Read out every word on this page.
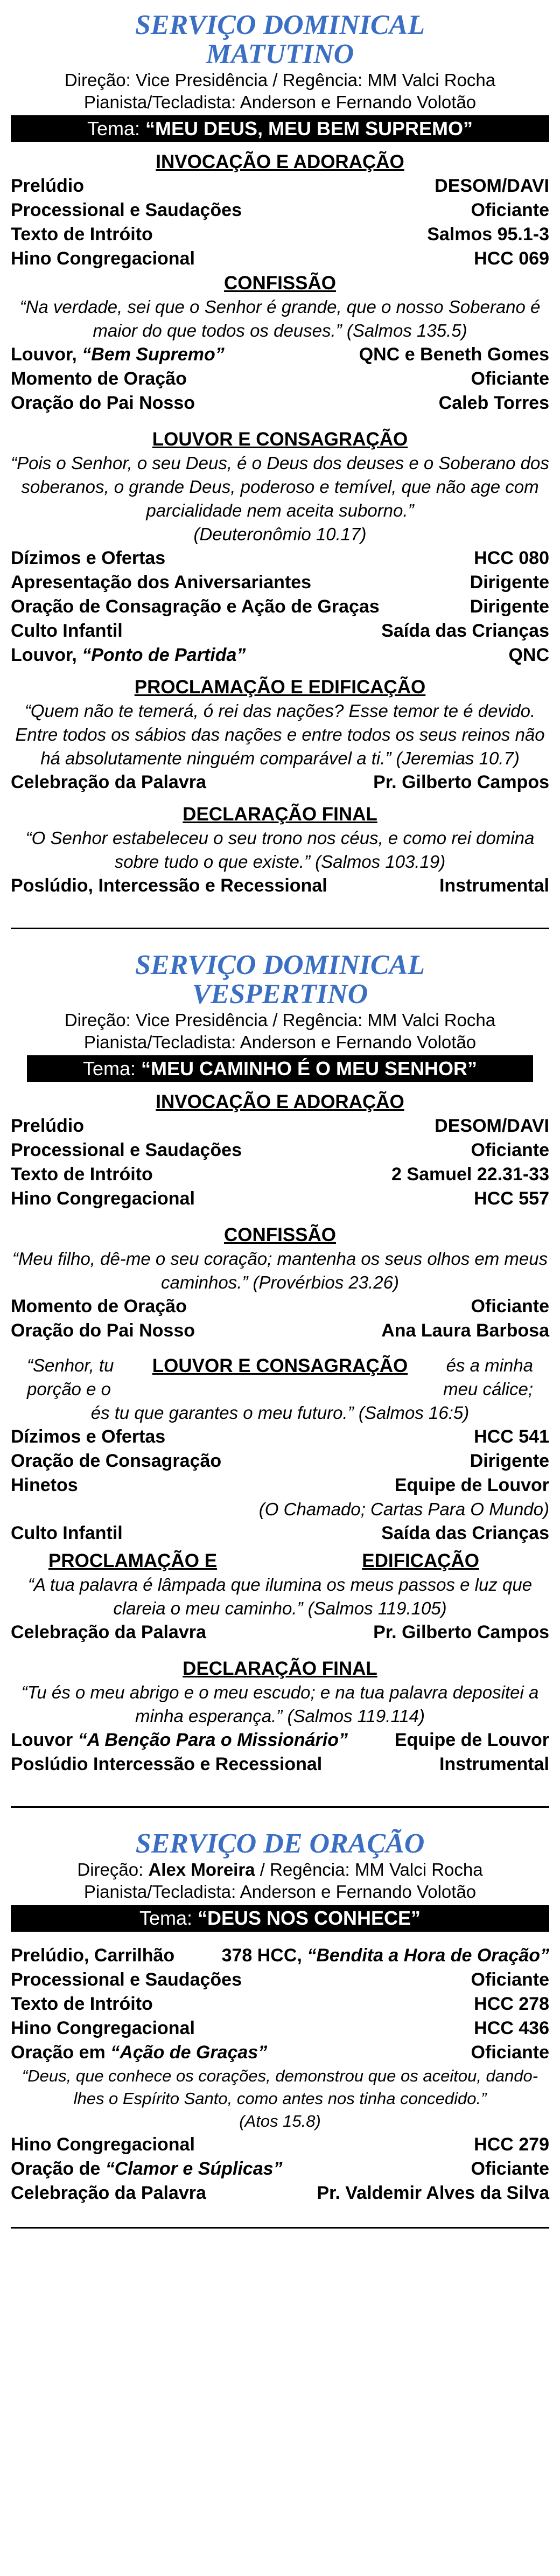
SERVIÇO DOMINICAL
MATUTINO
Direção: Vice Presidência / Regência: MM Valci Rocha
Pianista/Tecladista: Anderson e Fernando Volotão
Tema: “MEU DEUS, MEU BEM SUPREMO”
INVOCAÇÃO E ADORAÇÃO
Prelúdio	DESOM/DAVI
Processional e Saudações	Oficiante
Texto de Intróito	Salmos 95.1-3
Hino Congregacional	HCC 069
CONFISSÃO
“Na verdade, sei que o Senhor é grande, que o nosso Soberano é maior do que todos os deuses.” (Salmos 135.5)
Louvor, “Bem Supremo”	QNC e Beneth Gomes
Momento de Oração	Oficiante
Oração do Pai Nosso	Caleb Torres
LOUVOR E CONSAGRAÇÃO
“Pois o Senhor, o seu Deus, é o Deus dos deuses e o Soberano dos soberanos, o grande Deus, poderoso e temível, que não age com parcialidade nem aceita suborno.”
(Deuteronômio 10.17)
Dízimos e Ofertas	HCC 080
Apresentação dos Aniversariantes	Dirigente
Oração de Consagração e Ação de Graças	Dirigente
Culto Infantil	Saída das Crianças
Louvor, “Ponto de Partida”	QNC
PROCLAMAÇÃO E EDIFICAÇÃO
“Quem não te temerá, ó rei das nações? Esse temor te é devido. Entre todos os sábios das nações e entre todos os seus reinos não há absolutamente ninguém comparável a ti.” (Jeremias 10.7)
Celebração da Palavra	Pr. Gilberto Campos
DECLARAÇÃO FINAL
“O Senhor estabeleceu o seu trono nos céus, e como rei domina sobre tudo o que existe.” (Salmos 103.19)
Poslúdio, Intercessão e Recessional	Instrumental
SERVIÇO DOMINICAL
VESPERTINO
Direção: Vice Presidência / Regência: MM Valci Rocha
Pianista/Tecladista: Anderson e Fernando Volotão
Tema: “MEU CAMINHO É O MEU SENHOR”
INVOCAÇÃO E ADORAÇÃO
Prelúdio	DESOM/DAVI
Processional e Saudações	Oficiante
Texto de Intróito	2 Samuel 22.31-33
Hino Congregacional	HCC 557
CONFISSÃO
“Meu filho, dê-me o seu coração; mantenha os seus olhos em meus caminhos.” (Provérbios 23.26)
Momento de Oração	Oficiante
Oração do Pai Nosso	Ana Laura Barbosa
“Senhor, tu	és a minha
porção e o	meu cálice;
LOUVOR E CONSAGRAÇÃO
és tu que garantes o meu futuro.” (Salmos 16:5)
Dízimos e Ofertas	HCC 541
Oração de Consagração	Dirigente
Hinetos	Equipe de Louvor
(O Chamado; Cartas Para O Mundo)
Culto Infantil	Saída das Crianças
PROCLAMAÇÃO E	EDIFICAÇÃO
“A tua palavra é lâmpada que ilumina os meus passos e luz que clareia o meu caminho.” (Salmos 119.105)
Celebração da Palavra	Pr. Gilberto Campos
DECLARAÇÃO FINAL
“Tu és o meu abrigo e o meu escudo; e na tua palavra depositei a minha esperança.” (Salmos 119.114)
Louvor “A Benção Para o Missionário”	Equipe de Louvor
Poslúdio Intercessão e Recessional	Instrumental
SERVIÇO DE ORAÇÃO
Direção: Alex Moreira / Regência: MM Valci Rocha
Pianista/Tecladista: Anderson e Fernando Volotão
Tema: “DEUS NOS CONHECE”
Prelúdio, Carrilhão	378 HCC, “Bendita a Hora de Oração”
Processional e Saudações	Oficiante
Texto de Intróito	HCC 278
Hino Congregacional	HCC 436
Oração em “Ação de Graças”	Oficiante
“Deus, que conhece os corações, demonstrou que os aceitou, dando-lhes o Espírito Santo, como antes nos tinha concedido.”
(Atos 15.8)
Hino Congregacional	HCC 279
Oração de “Clamor e Súplicas”	Oficiante
Celebração da Palavra	Pr. Valdemir Alves da Silva
